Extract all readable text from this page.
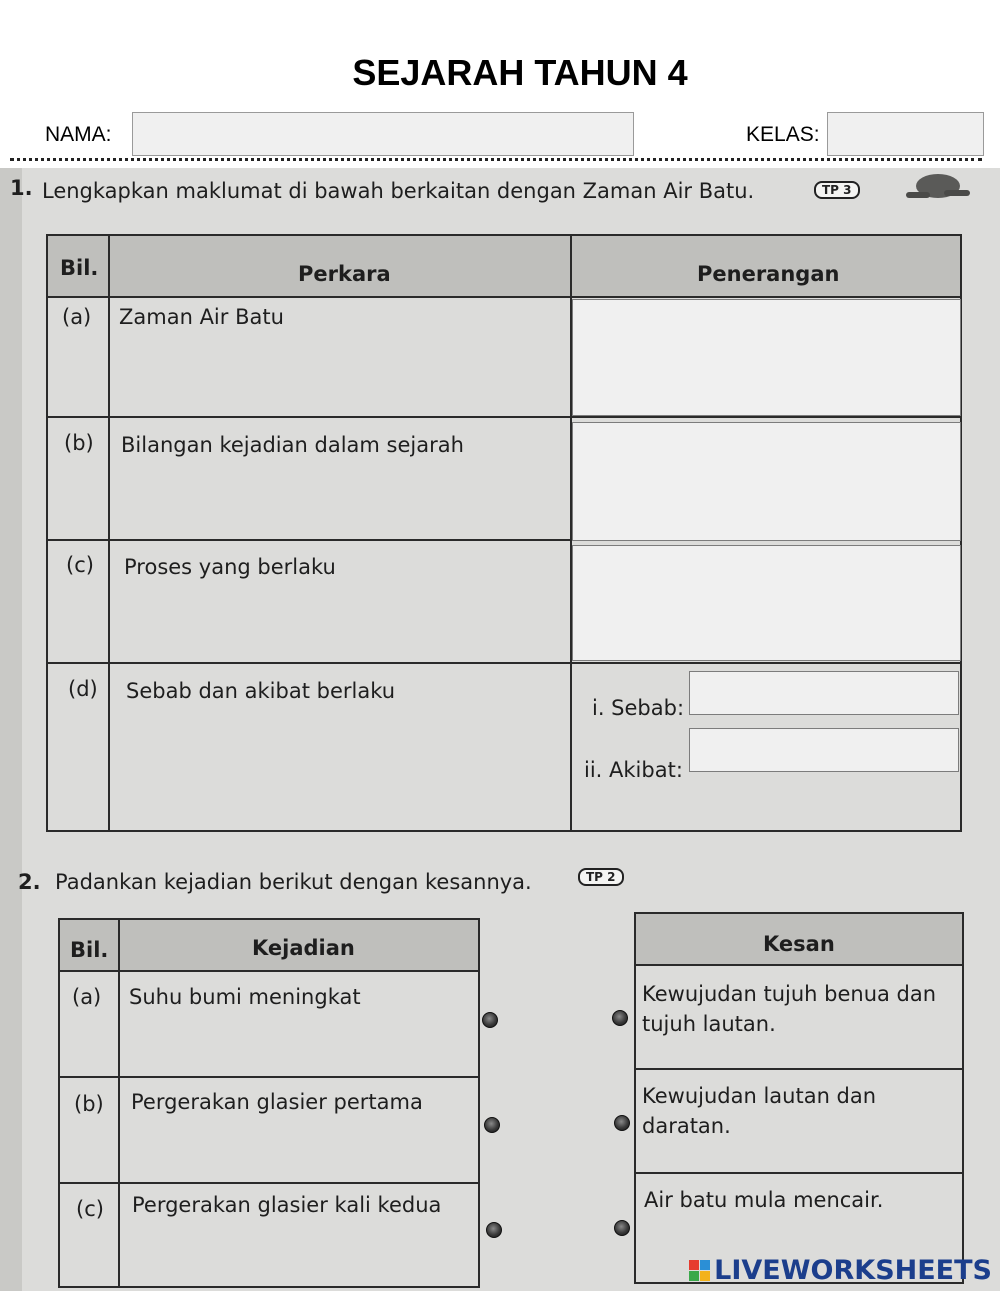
SEJARAH TAHUN 4
NAMA:	KELAS:
1. Lengkapkan maklumat di bawah berkaitan dengan Zaman Air Batu.	TP 3
Bil.	Perkara	Penerangan
(a) Zaman Air Batu
(b) Bilangan kejadian dalam sejarah
(c) Proses yang berlaku
(d) Sebab dan akibat berlaku
i. Sebab:
ii. Akibat:
2. Padankan kejadian berikut dengan kesannya.	TP 2
Bil.	Kejadian
(a) Suhu bumi meningkat
(b) Pergerakan glasier pertama
(c) Pergerakan glasier kali kedua
Kesan
Kewujudan tujuh benua dan
tujuh lautan.
Kewujudan lautan dan
daratan.
Air batu mula mencair.
LIVEWORKSHEETS
